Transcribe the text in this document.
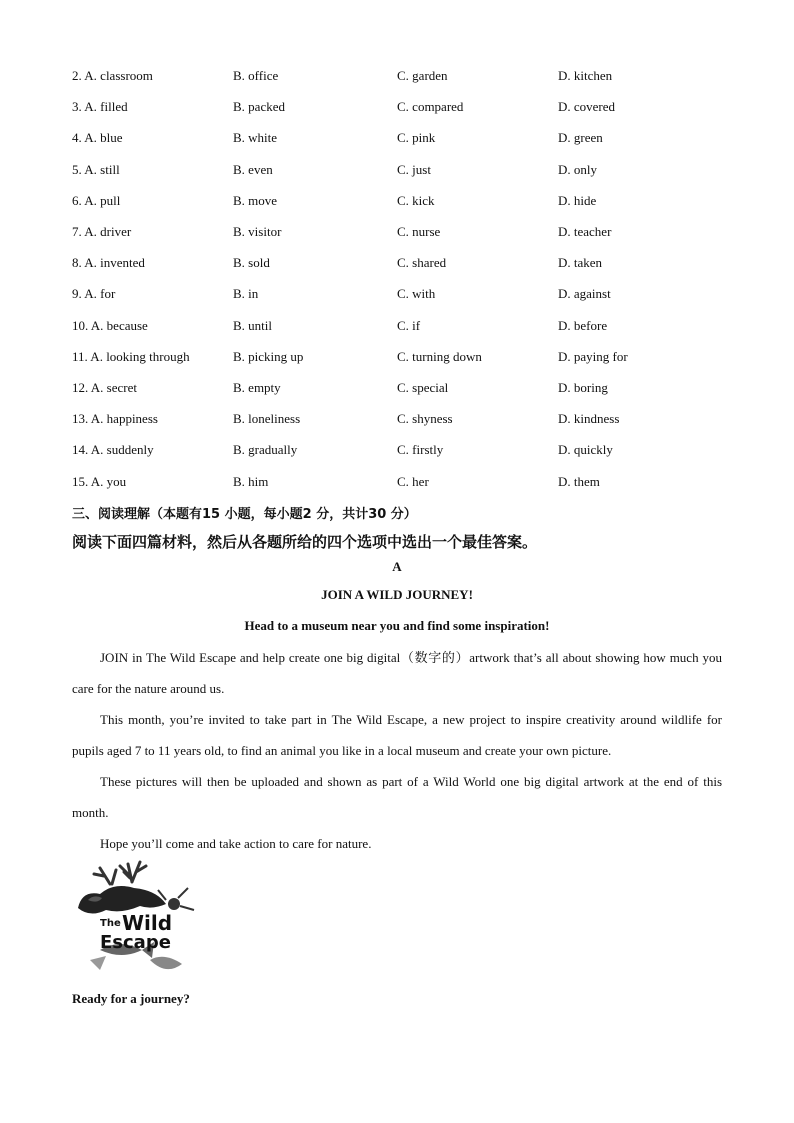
2. A. classroom	B. office	C. garden	D. kitchen
3. A. filled	B. packed	C. compared	D. covered
4. A. blue	B. white	C. pink	D. green
5. A. still	B. even	C. just	D. only
6. A. pull	B. move	C. kick	D. hide
7. A. driver	B. visitor	C. nurse	D. teacher
8. A. invented	B. sold	C. shared	D. taken
9. A. for	B. in	C. with	D. against
10. A. because	B. until	C. if	D. before
11. A. looking through	B. picking up	C. turning down	D. paying for
12. A. secret	B. empty	C. special	D. boring
13. A. happiness	B. loneliness	C. shyness	D. kindness
14. A. suddenly	B. gradually	C. firstly	D. quickly
15. A. you	B. him	C. her	D. them
三、阅读理解（本题有15 小题，每小题2 分，共计30 分）
阅读下面四篇材料，然后从各题所给的四个选项中选出一个最佳答案。
A
JOIN A WILD JOURNEY!
Head to a museum near you and find some inspiration!

JOIN in The Wild Escape and help create one big digital（数字的）artwork that’s all about showing how much you care for the nature around us.

This month, you’re invited to take part in The Wild Escape, a new project to inspire creativity around wildlife for pupils aged 7 to 11 years old, to find an animal you like in a local museum and create your own picture.

These pictures will then be uploaded and shown as part of a Wild World one big digital artwork at the end of this month.

Hope you’ll come and take action to care for nature.

The Wild
Escape
Ready for a journey?
